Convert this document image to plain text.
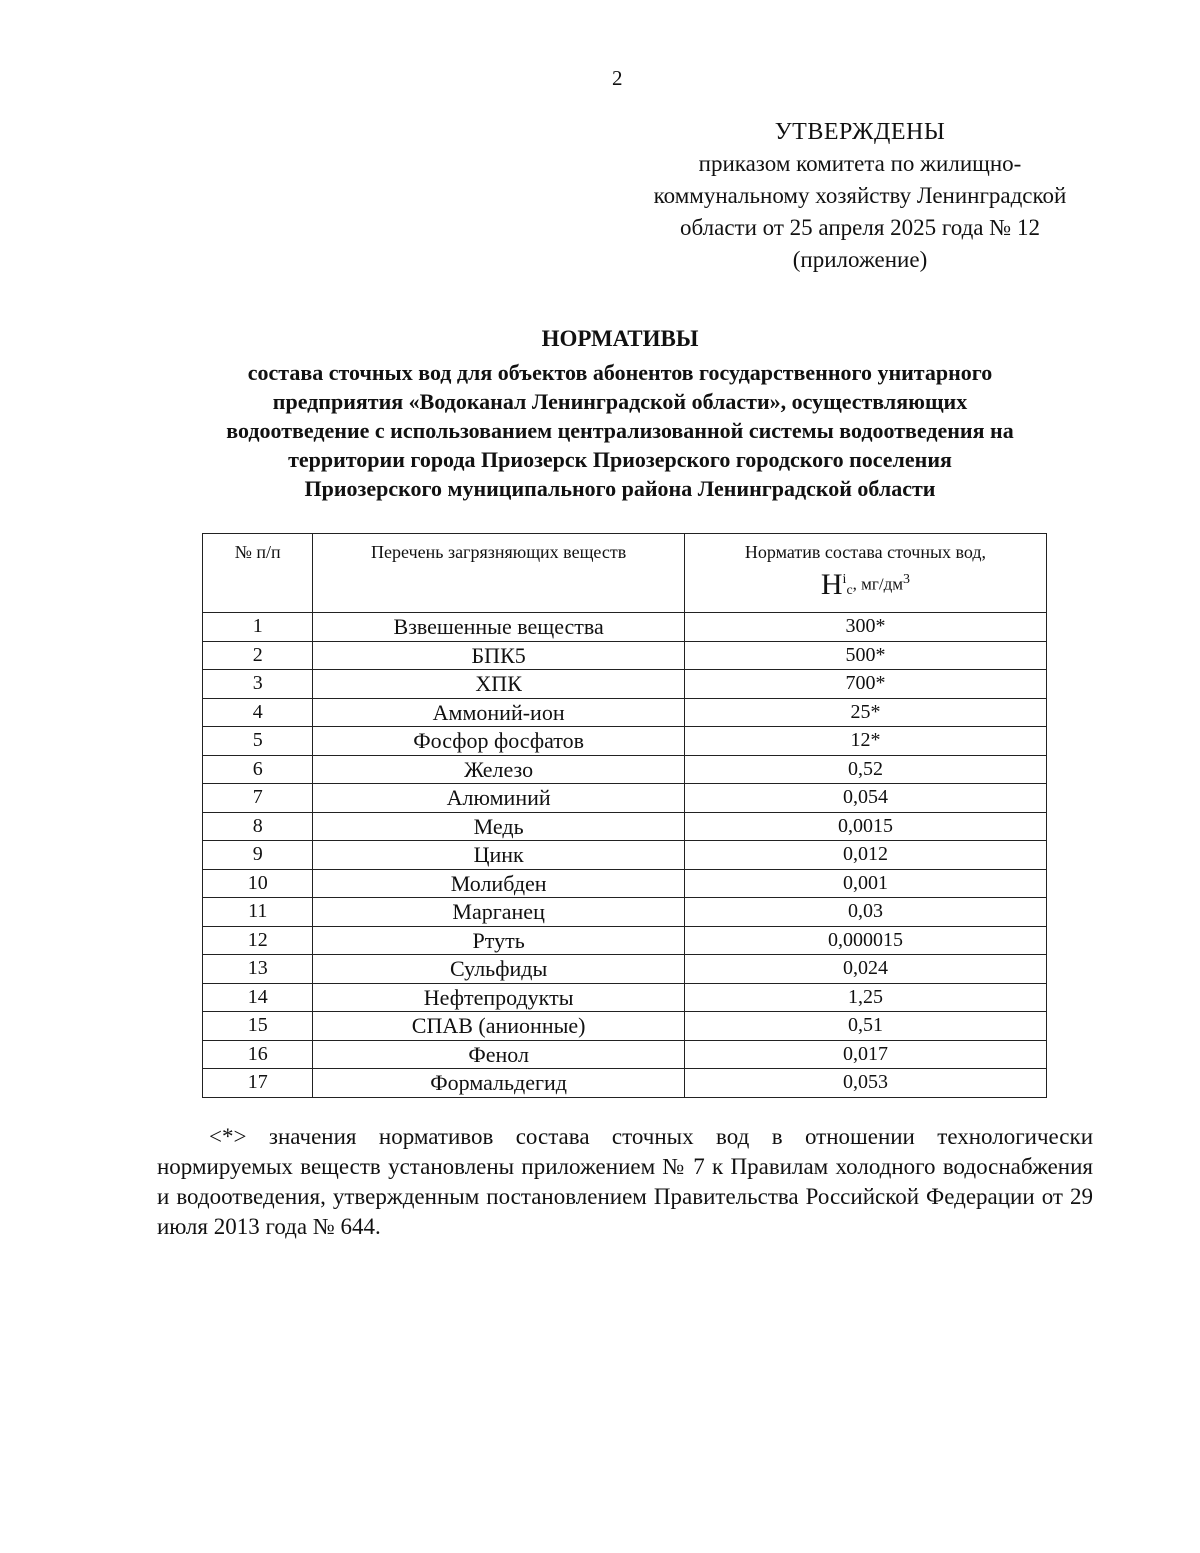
2
УТВЕРЖДЕНЫ
приказом комитета по жилищно-
коммунальному хозяйству Ленинградской
области от 25 апреля 2025 года № 12
(приложение)
НОРМАТИВЫ
состава сточных вод для объектов абонентов государственного унитарного
предприятия «Водоканал Ленинградской области», осуществляющих
водоотведение с использованием централизованной системы водоотведения на
территории города Приозерск Приозерского городского поселения
Приозерского муниципального района Ленинградской области
№ п/п	Перечень загрязняющих веществ	Норматив состава сточных вод,
$Н^i_c$, $мг/дм^3$

1	Взвешенные вещества	300*
2	БПК5	500*
3	ХПК	700*
4	Аммоний-ион	25*
5	Фосфор фосфатов	12*
6	Железо	0,52
7	Алюминий	0,054
8	Медь	0,0015
9	Цинк	0,012
10	Молибден	0,001
11	Марганец	0,03
12	Ртуть	0,000015
13	Сульфиды	0,024
14	Нефтепродукты	1,25
15	СПАВ (анионные)	0,51
16	Фенол	0,017
17	Формальдегид	0,053
<*> значения нормативов состава сточных вод в отношении технологически нормируемых веществ установлены приложением № 7 к Правилам холодного водоснабжения и водоотведения, утвержденным постановлением Правительства Российской Федерации от 29 июля 2013 года № 644.
